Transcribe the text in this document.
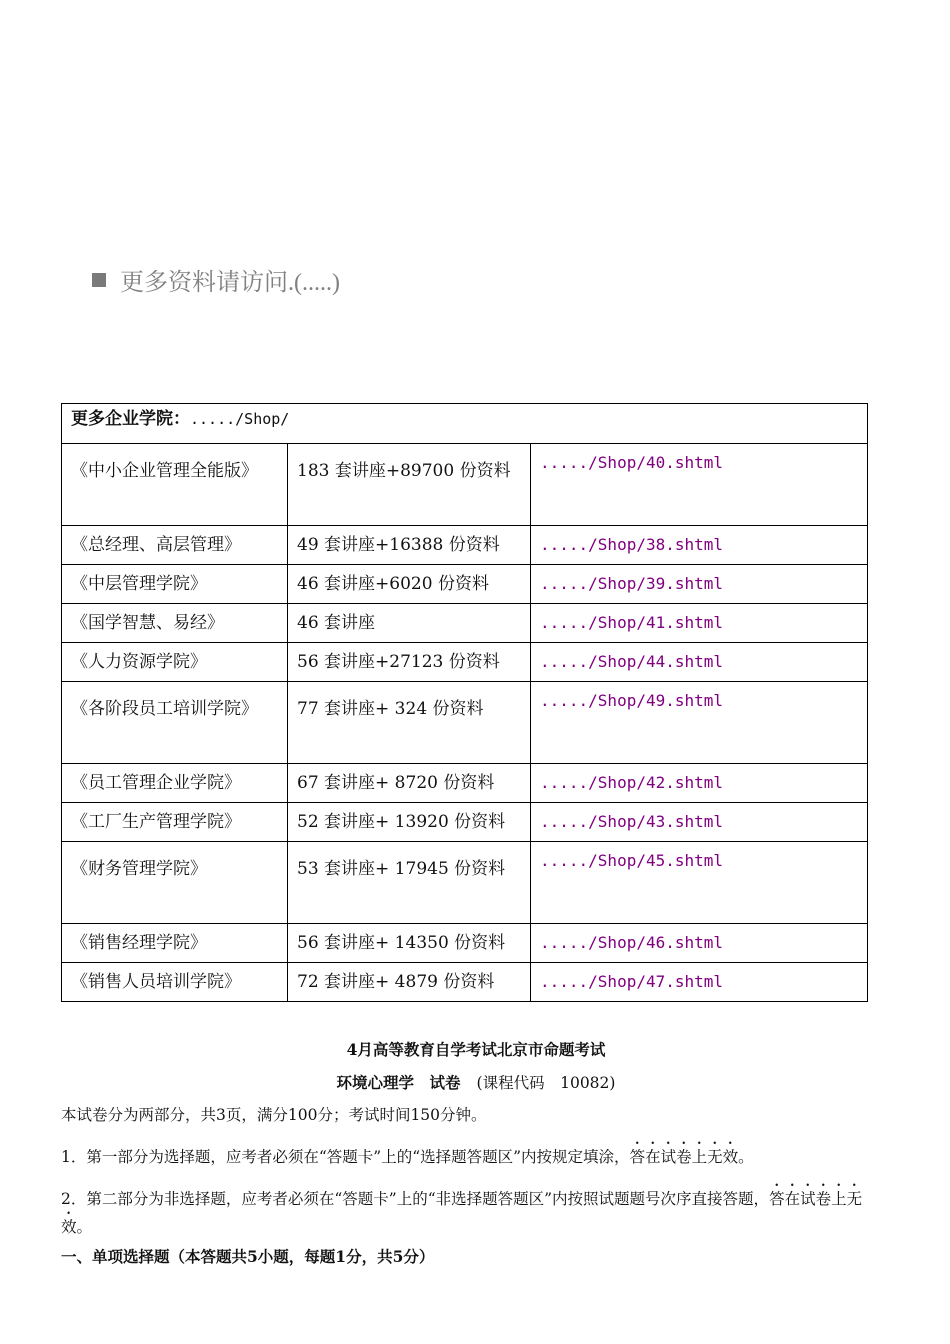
更多资料请访问.(.....)
更多企业学院：...../Shop/		
《中小企业管理全能版》	183 套讲座+89700 份资料	...../Shop/40.shtml
《总经理、高层管理》	49 套讲座+16388 份资料	...../Shop/38.shtml
《中层管理学院》	46 套讲座+6020 份资料	...../Shop/39.shtml
《国学智慧、易经》	46 套讲座	...../Shop/41.shtml
《人力资源学院》	56 套讲座+27123 份资料	...../Shop/44.shtml
《各阶段员工培训学院》	77 套讲座+ 324 份资料	...../Shop/49.shtml
《员工管理企业学院》	67 套讲座+ 8720 份资料	...../Shop/42.shtml
《工厂生产管理学院》	52 套讲座+ 13920 份资料	...../Shop/43.shtml
《财务管理学院》	53 套讲座+ 17945 份资料	...../Shop/45.shtml
《销售经理学院》	56 套讲座+ 14350 份资料	...../Shop/46.shtml
《销售人员培训学院》	72 套讲座+ 4879 份资料	...../Shop/47.shtml
4月高等教育自学考试北京市命题考试
环境心理学　试卷 (课程代码　10082)

本试卷分为两部分，共3页，满分100分；考试时间150分钟。

1．第一部分为选择题，应考者必须在“答题卡”上的“选择题答题区”内按规定填涂，答在试卷上无效。

2．第二部分为非选择题，应考者必须在“答题卡”上的“非选择题答题区”内按照试题题号次序直接答题，答在试卷上无效。

一、单项选择题（本答题共5小题，每题1分，共5分）
